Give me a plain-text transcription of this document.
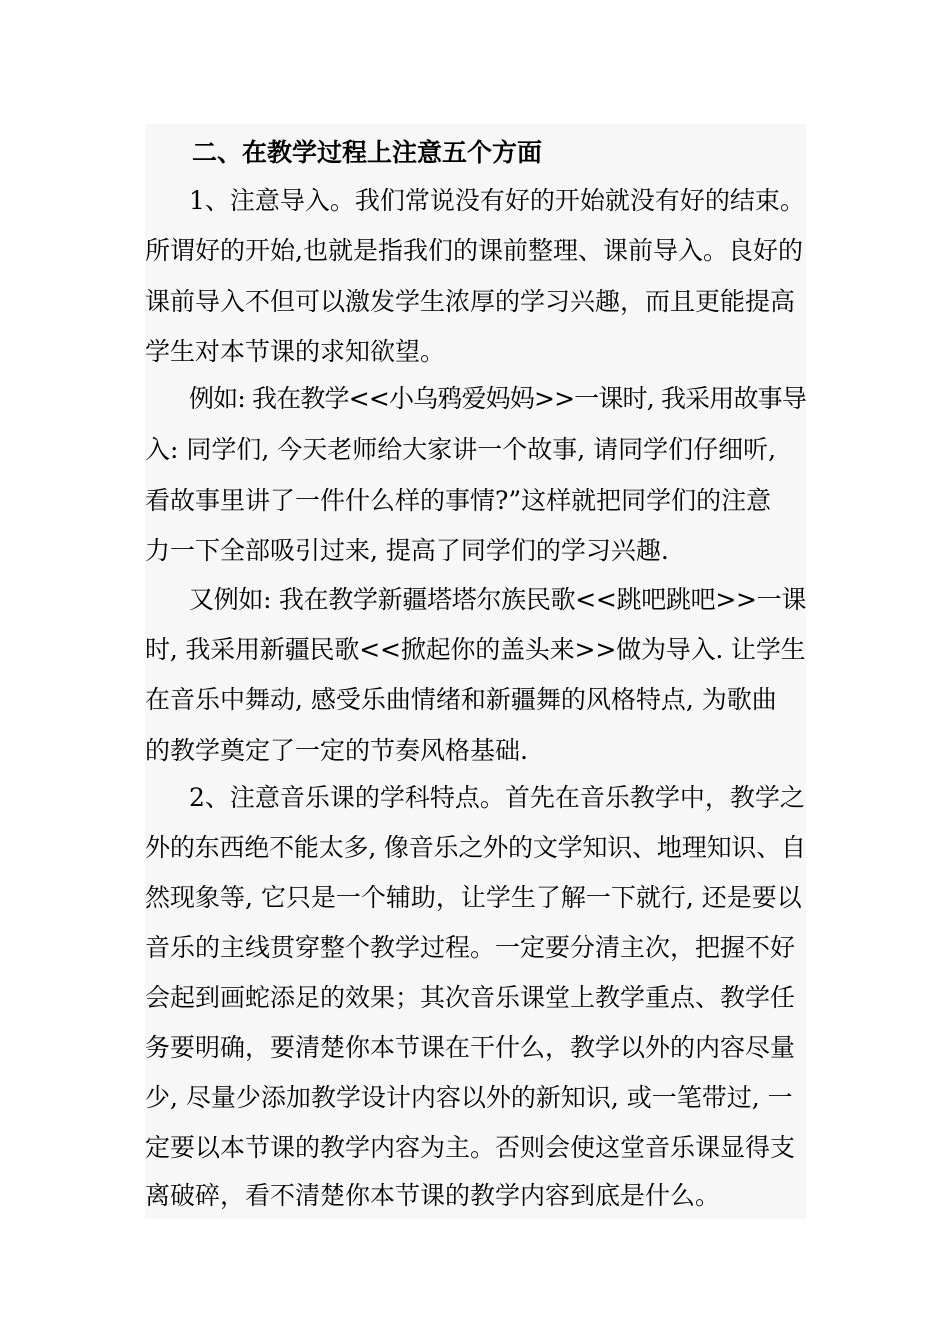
二、在教学过程上注意五个方面
1、注意导入。我们常说没有好的开始就没有好的结束。
所谓好的开始,也就是指我们的课前整理、课前导入。良好的
课前导入不但可以激发学生浓厚的学习兴趣，而且更能提高
学生对本节课的求知欲望。
例如: 我在教学<<小乌鸦爱妈妈>>一课时, 我采用故事导
入: 同学们, 今天老师给大家讲一个故事, 请同学们仔细听,
看故事里讲了一件什么样的事情?”这样就把同学们的注意
力一下全部吸引过来, 提高了同学们的学习兴趣.
又例如: 我在教学新疆塔塔尔族民歌<<跳吧跳吧>>一课
时, 我采用新疆民歌<<掀起你的盖头来>>做为导入. 让学生
在音乐中舞动, 感受乐曲情绪和新疆舞的风格特点, 为歌曲
的教学奠定了一定的节奏风格基础.
2、注意音乐课的学科特点。首先在音乐教学中，教学之
外的东西绝不能太多, 像音乐之外的文学知识、地理知识、自
然现象等, 它只是一个辅助，让学生了解一下就行, 还是要以
音乐的主线贯穿整个教学过程。一定要分清主次，把握不好
会起到画蛇添足的效果；其次音乐课堂上教学重点、教学任
务要明确，要清楚你本节课在干什么，教学以外的内容尽量
少, 尽量少添加教学设计内容以外的新知识, 或一笔带过, 一
定要以本节课的教学内容为主。否则会使这堂音乐课显得支
离破碎，看不清楚你本节课的教学内容到底是什么。
